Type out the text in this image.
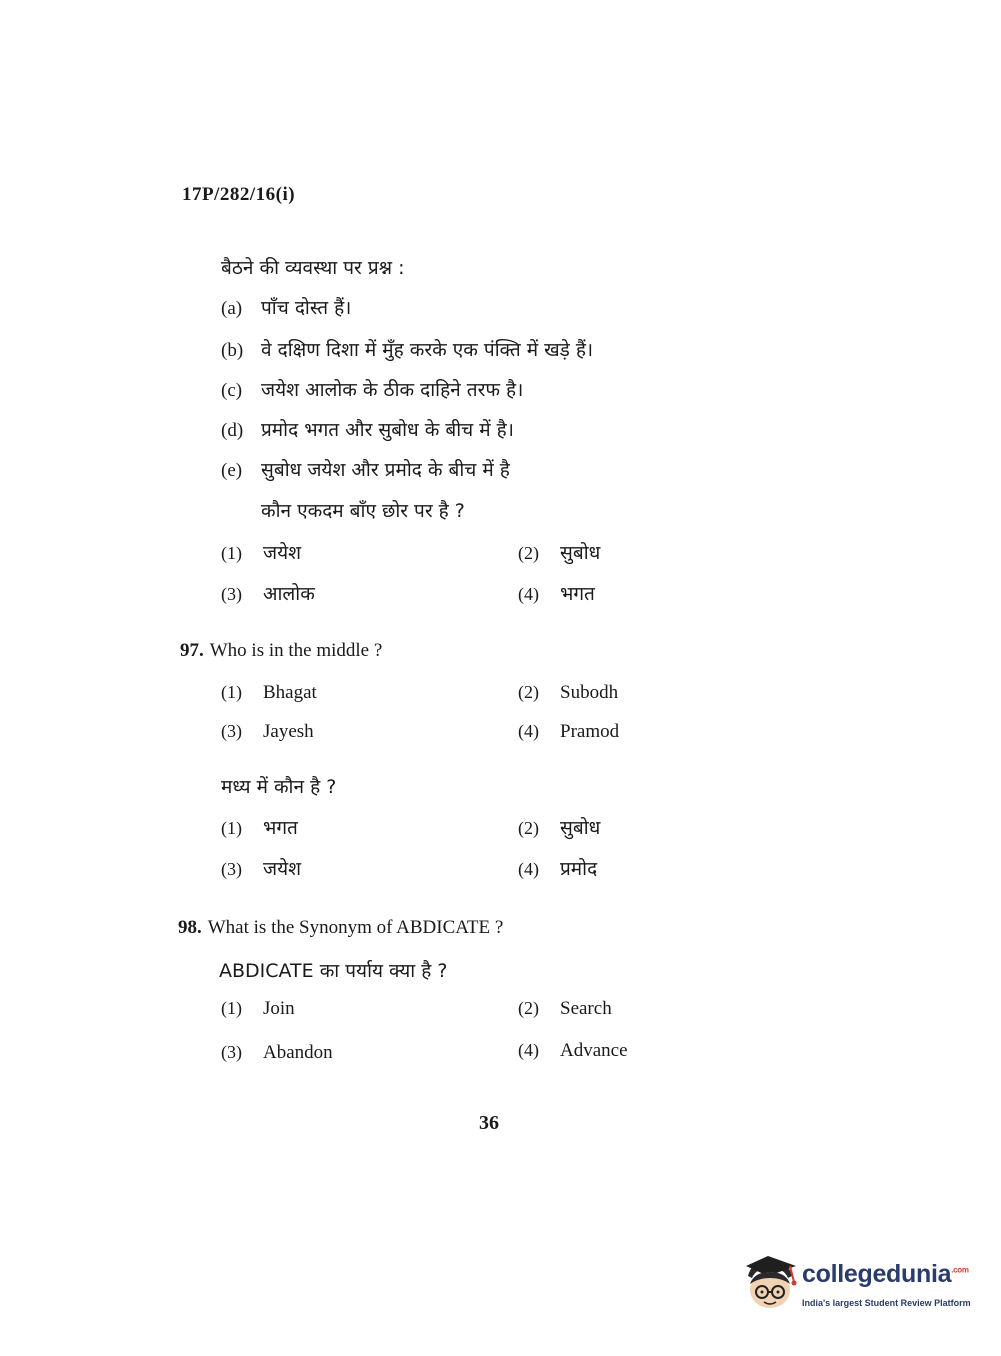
17P/282/16(i)
बैठने की व्यवस्था पर प्रश्न :
(a) पाँच दोस्त हैं।
(b) वे दक्षिण दिशा में मुँह करके एक पंक्ति में खड़े हैं।
(c) जयेश आलोक के ठीक दाहिने तरफ है।
(d) प्रमोद भगत और सुबोध के बीच में है।
(e) सुबोध जयेश और प्रमोद के बीच में है
कौन एकदम बाँए छोर पर है ?
(1) जयेश	(2) सुबोध
(3) आलोक	(4) भगत
97. Who is in the middle ?
(1) Bhagat	(2) Subodh
(3) Jayesh	(4) Pramod
मध्य में कौन है ?
(1) भगत	(2) सुबोध
(3) जयेश	(4) प्रमोद
98. What is the Synonym of ABDICATE ?
ABDICATE का पर्याय क्या है ?
(1) Join	(2) Search
(3) Abandon	(4) Advance
36
collegedunia$^{.com}$
India's largest Student Review Platform
